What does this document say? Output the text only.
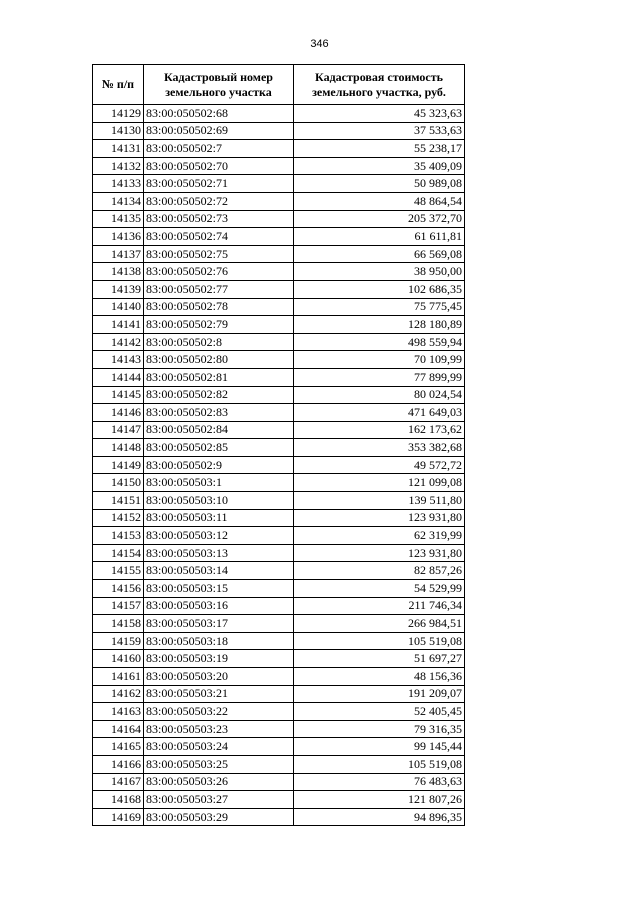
346
№ п/п	Кадастровый номер земельного участка	Кадастровая стоимость земельного участка, руб.
14129	83:00:050502:68	45 323,63
14130	83:00:050502:69	37 533,63
14131	83:00:050502:7	55 238,17
14132	83:00:050502:70	35 409,09
14133	83:00:050502:71	50 989,08
14134	83:00:050502:72	48 864,54
14135	83:00:050502:73	205 372,70
14136	83:00:050502:74	61 611,81
14137	83:00:050502:75	66 569,08
14138	83:00:050502:76	38 950,00
14139	83:00:050502:77	102 686,35
14140	83:00:050502:78	75 775,45
14141	83:00:050502:79	128 180,89
14142	83:00:050502:8	498 559,94
14143	83:00:050502:80	70 109,99
14144	83:00:050502:81	77 899,99
14145	83:00:050502:82	80 024,54
14146	83:00:050502:83	471 649,03
14147	83:00:050502:84	162 173,62
14148	83:00:050502:85	353 382,68
14149	83:00:050502:9	49 572,72
14150	83:00:050503:1	121 099,08
14151	83:00:050503:10	139 511,80
14152	83:00:050503:11	123 931,80
14153	83:00:050503:12	62 319,99
14154	83:00:050503:13	123 931,80
14155	83:00:050503:14	82 857,26
14156	83:00:050503:15	54 529,99
14157	83:00:050503:16	211 746,34
14158	83:00:050503:17	266 984,51
14159	83:00:050503:18	105 519,08
14160	83:00:050503:19	51 697,27
14161	83:00:050503:20	48 156,36
14162	83:00:050503:21	191 209,07
14163	83:00:050503:22	52 405,45
14164	83:00:050503:23	79 316,35
14165	83:00:050503:24	99 145,44
14166	83:00:050503:25	105 519,08
14167	83:00:050503:26	76 483,63
14168	83:00:050503:27	121 807,26
14169	83:00:050503:29	94 896,35
